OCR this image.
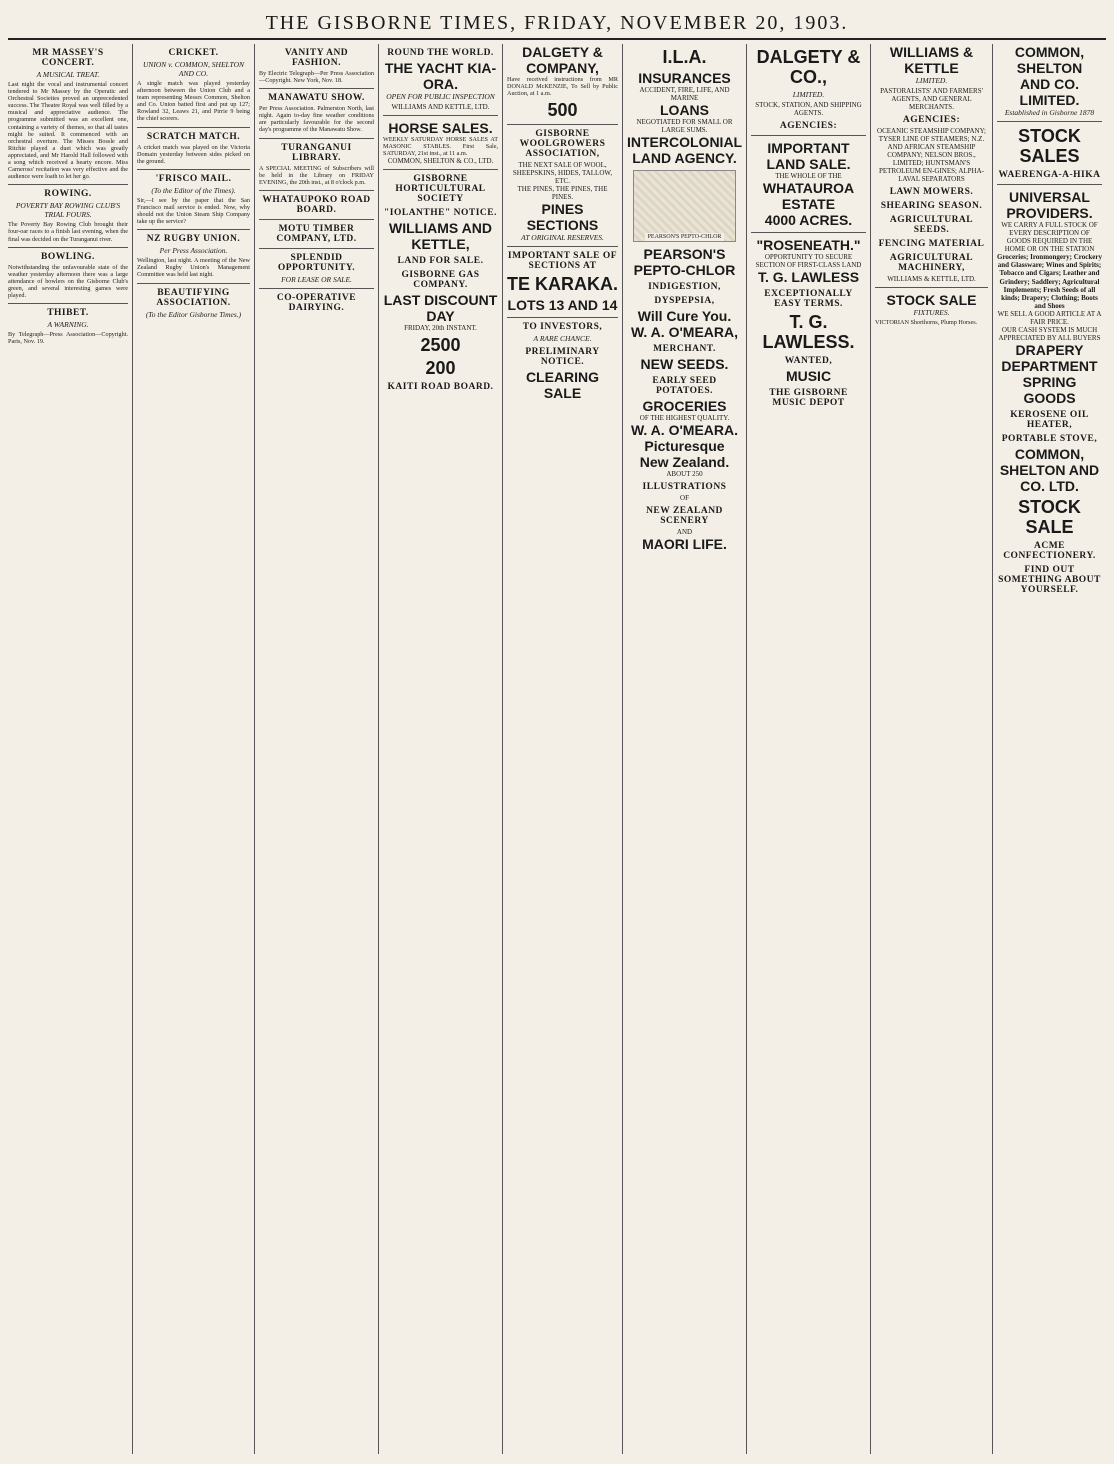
THE GISBORNE TIMES, FRIDAY, NOVEMBER 20, 1903.
MR MASSEY'S CONCERT.
A MUSICAL TREAT.
Last night the vocal and instrumental concert tendered to Mr Massey by the Operatic and Orchestral Societies proved an unprecedented success. The Theatre Royal was well filled by a musical and appreciative audience. The programme submitted was an excellent one, containing a variety of themes, so that all tastes might be suited. It commenced with an orchestral overture. The Misses Bossle and Ritchie played a duet which was greatly appreciated, and Mr Harold Hall followed with a song which received a hearty encore. Miss Carneross' recitation was very effective and the audience were loath to let her go.
ROWING.
POVERTY BAY ROWING CLUB'S TRIAL FOURS.
The Poverty Bay Rowing Club brought their four-oar races to a finish last evening, when the final was decided on the Turanganui river.
BOWLING.
Notwithstanding the unfavourable state of the weather yesterday afternoon there was a large attendance of bowlers on the Gisborne Club's green, and several interesting games were played.
THIBET.
A WARNING.
By Telegraph—Press Association—Copyright. Paris, Nov. 19.
CRICKET.
UNION v. COMMON, SHELTON AND CO.
A single match was played yesterday afternoon between the Union Club and a team representing Messrs Common, Shelton and Co. Union batted first and put up 127; Rowland 32, Leaws 21, and Pirrie 9 being the chief scorers.
SCRATCH MATCH.
A cricket match was played on the Victoria Domain yesterday between sides picked on the ground.
'FRISCO MAIL.
(To the Editor of the Times).
Sir,—I see by the paper that the San Francisco mail service is ended. Now, why should not the Union Steam Ship Company take up the service?
NZ RUGBY UNION.
Per Press Association.
Wellington, last night. A meeting of the New Zealand Rugby Union's Management Committee was held last night.
BEAUTIFYING ASSOCIATION.
(To the Editor Gisborne Times.)
VANITY AND FASHION.
By Electric Telegraph—Per Press Association—Copyright. New York, Nov. 18.
MANAWATU SHOW.
Per Press Association. Palmerston North, last night. Again to-day fine weather conditions are particularly favourable for the second day's programme of the Manawatu Show.
TURANGANUI LIBRARY.
A SPECIAL MEETING of Subscribers will be held in the Library on FRIDAY EVENING, the 20th inst., at 8 o'clock p.m.
WHATAUPOKO ROAD BOARD.
MOTU TIMBER COMPANY, LTD.
SPLENDID OPPORTUNITY.
FOR LEASE OR SALE.
CO-OPERATIVE DAIRYING.
ROUND THE WORLD.
THE YACHT KIA-ORA.
OPEN FOR PUBLIC INSPECTION
WILLIAMS AND KETTLE, LTD.
HORSE SALES.
WEEKLY SATURDAY HORSE SALES AT MASONIC STABLES. First Sale, SATURDAY, 21st inst., at 11 a.m.
COMMON, SHELTON & CO., LTD.
GISBORNE HORTICULTURAL SOCIETY
"IOLANTHE" NOTICE.
WILLIAMS AND KETTLE,
LAND FOR SALE.
GISBORNE GAS COMPANY.
LAST DISCOUNT DAY
FRIDAY, 20th INSTANT.
2500
200
KAITI ROAD BOARD.
DALGETY & COMPANY,
Have received instructions from MR DONALD McKENZIE, To Sell by Public Auction, at 1 a.m.
500
GISBORNE WOOLGROWERS ASSOCIATION,
THE NEXT SALE OF WOOL, SHEEPSKINS, HIDES, TALLOW, ETC.
THE PINES, THE PINES, THE PINES.
PINES SECTIONS
AT ORIGINAL RESERVES.
IMPORTANT SALE OF SECTIONS AT
TE KARAKA.
LOTS 13 AND 14
TO INVESTORS,
A RARE CHANCE.
PRELIMINARY NOTICE.
CLEARING SALE
I.L.A.
INSURANCES
ACCIDENT, FIRE, LIFE, AND MARINE
LOANS
NEGOTIATED FOR SMALL OR LARGE SUMS.
INTERCOLONIAL LAND AGENCY.
PEARSON'S PEPTO-CHLOR
PEARSON'S
PEPTO-CHLOR
INDIGESTION,
DYSPEPSIA,
Will Cure You.
W. A. O'MEARA,
MERCHANT.
NEW SEEDS.
EARLY SEED POTATOES.
GROCERIES
OF THE HIGHEST QUALITY.
W. A. O'MEARA.
Picturesque
New Zealand.
ABOUT 250
ILLUSTRATIONS
OF
NEW ZEALAND SCENERY
AND
MAORI LIFE.
DALGETY & CO.,
LIMITED.
STOCK, STATION, AND SHIPPING AGENTS.
AGENCIES:
IMPORTANT LAND SALE.
THE WHOLE OF THE
WHATAUROA ESTATE
4000 ACRES.
"ROSENEATH."
OPPORTUNITY TO SECURE SECTION OF FIRST-CLASS LAND
T. G. LAWLESS
EXCEPTIONALLY EASY TERMS.
T. G. LAWLESS.
WANTED,
MUSIC
THE GISBORNE MUSIC DEPOT
WILLIAMS & KETTLE
LIMITED.
PASTORALISTS' AND FARMERS' AGENTS, AND GENERAL MERCHANTS.
AGENCIES:
OCEANIC STEAMSHIP COMPANY; TYSER LINE OF STEAMERS; N.Z. AND AFRICAN STEAMSHIP COMPANY; NELSON BROS., LIMITED; HUNTSMAN'S PETROLEUM EN-GINES; ALPHA-LAVAL SEPARATORS
LAWN MOWERS.
SHEARING SEASON.
AGRICULTURAL SEEDS.
FENCING MATERIAL
AGRICULTURAL MACHINERY,
WILLIAMS & KETTLE, LTD.
STOCK SALE
FIXTURES.
VICTORIAN Shorthorns, Plump Horses.
COMMON, SHELTON
AND CO. LIMITED.
Established in Gisborne 1878
STOCK SALES
WAERENGA-A-HIKA
UNIVERSAL PROVIDERS.
WE CARRY A FULL STOCK OF EVERY DESCRIPTION OF GOODS REQUIRED IN THE HOME OR ON THE STATION
Groceries; Ironmongery; Crockery and Glassware; Wines and Spirits; Tobacco and Cigars; Leather and Grindery; Saddlery; Agricultural Implements; Fresh Seeds of all kinds; Drapery; Clothing; Boots and Shoes
WE SELL A GOOD ARTICLE AT A FAIR PRICE.
OUR CASH SYSTEM IS MUCH APPRECIATED BY ALL BUYERS
DRAPERY DEPARTMENT
SPRING GOODS
KEROSENE OIL HEATER,
PORTABLE STOVE,
COMMON, SHELTON AND CO. LTD.
STOCK SALE
ACME CONFECTIONERY.
FIND OUT SOMETHING ABOUT YOURSELF.
